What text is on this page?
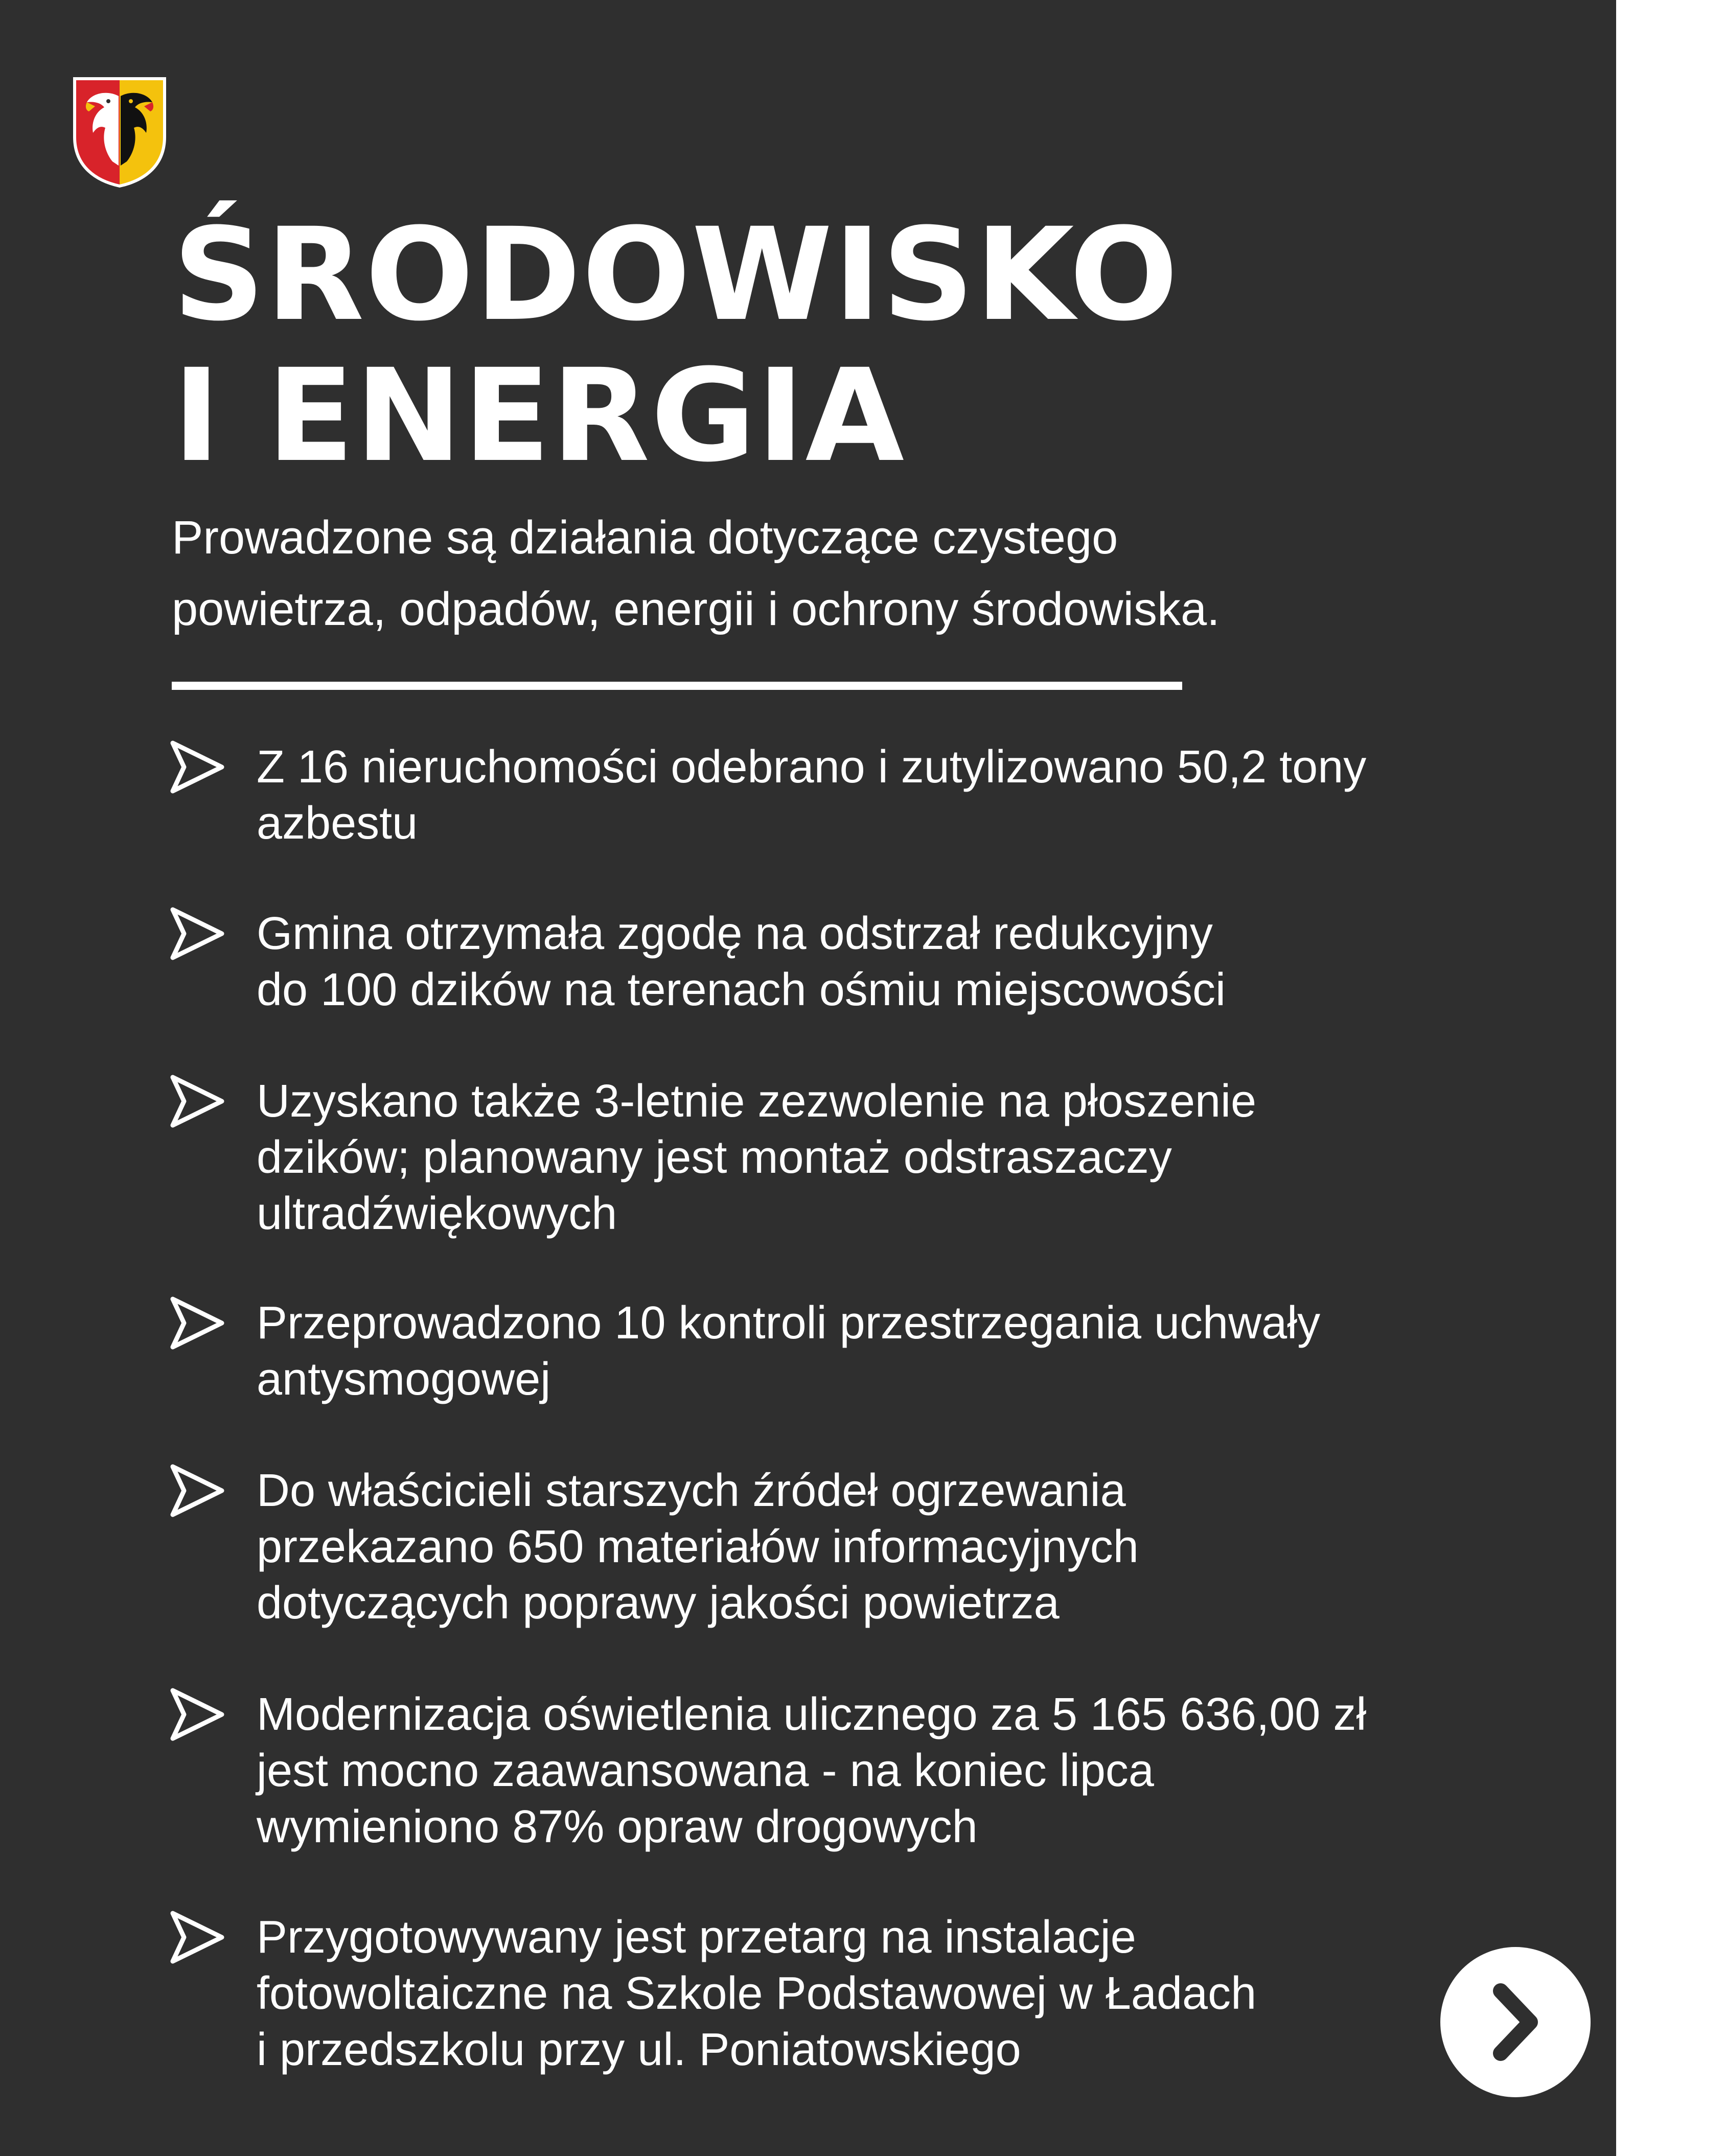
ŚRODOWISKO
I ENERGIA

Prowadzone są działania dotyczące czystego
powietrza, odpadów, energii i ochrony środowiska.

Z 16 nieruchomości odebrano i zutylizowano 50,2 tony
azbestu
Gmina otrzymała zgodę na odstrzał redukcyjny
do 100 dzików na terenach ośmiu miejscowości
Uzyskano także 3-letnie zezwolenie na płoszenie
dzików; planowany jest montaż odstraszaczy
ultradźwiękowych
Przeprowadzono 10 kontroli przestrzegania uchwały
antysmogowej
Do właścicieli starszych źródeł ogrzewania
przekazano 650 materiałów informacyjnych
dotyczących poprawy jakości powietrza
Modernizacja oświetlenia ulicznego za 5 165 636,00 zł
jest mocno zaawansowana - na koniec lipca
wymieniono 87% opraw drogowych
Przygotowywany jest przetarg na instalacje
fotowoltaiczne na Szkole Podstawowej w Ładach
i przedszkolu przy ul. Poniatowskiego
